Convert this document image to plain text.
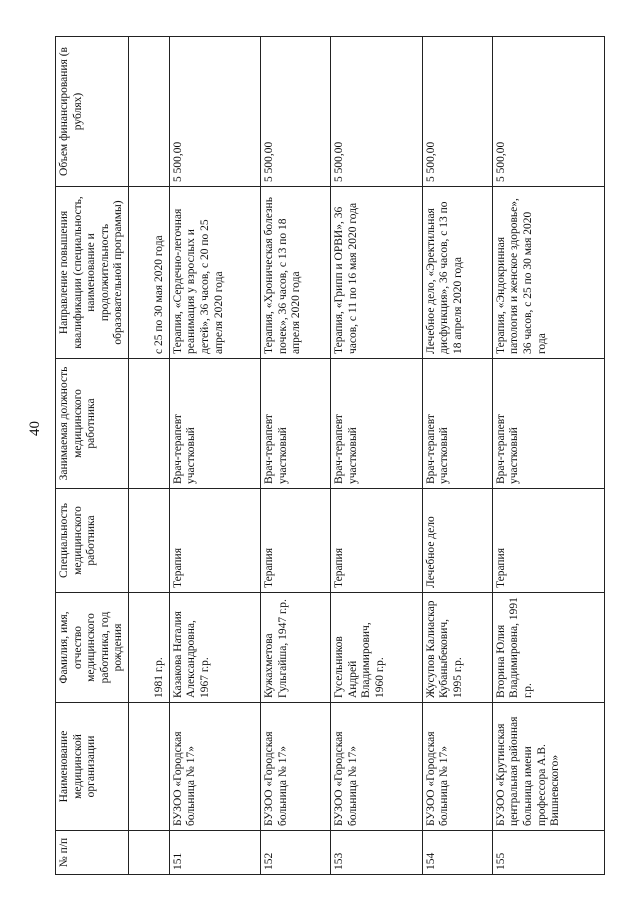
40
№ п/п	Наименование медицинской организации	Фамилия, имя, отчество медицинского работника, год рождения	Специальность медицинского работника	Занимаемая должность медицинского работника	Направление повышения квалификации (специальность, наименование и продолжительность образовательной программы)	Объем финансирования (в рублях)
		1981 г.р.			с 25 по 30 мая 2020 года	
151	БУЗОО «Городская больница № 17»	Казакова Наталия Александровна, 1967 г.р.	Терапия	Врач-терапевт участковый	Терапия, «Сердечно-легочная реанимация у взрослых и детей», 36 часов, с 20 по 25 апреля 2020 года	5 500,00
152	БУЗОО «Городская больница № 17»	Кужахметова Гульгайша, 1947 г.р.	Терапия	Врач-терапевт участковый	Терапия, «Хроническая болезнь почек», 36 часов, с 13 по 18 апреля 2020 года	5 500,00
153	БУЗОО «Городская больница № 17»	Гусельников Андрей Владимирович, 1960 г.р.	Терапия	Врач-терапевт участковый	Терапия, «Грипп и ОРВИ», 36 часов, с 11 по 16 мая 2020 года	5 500,00
154	БУЗОО «Городская больница № 17»	Жусупов Калиаскар Кубаныбекович, 1995 г.р.	Лечебное дело	Врач-терапевт участковый	Лечебное дело, «Эректильная дисфункция», 36 часов, с 13 по 18 апреля 2020 года	5 500,00
155	БУЗОО «Крутинская центральная районная больница имени профессора А.В. Вишневского»	Вторина Юлия Владимировна, 1991 г.р.	Терапия	Врач-терапевт участковый	Терапия, «Эндокринная патология и женское здоровье», 36 часов, с 25 по 30 мая 2020 года	5 500,00
